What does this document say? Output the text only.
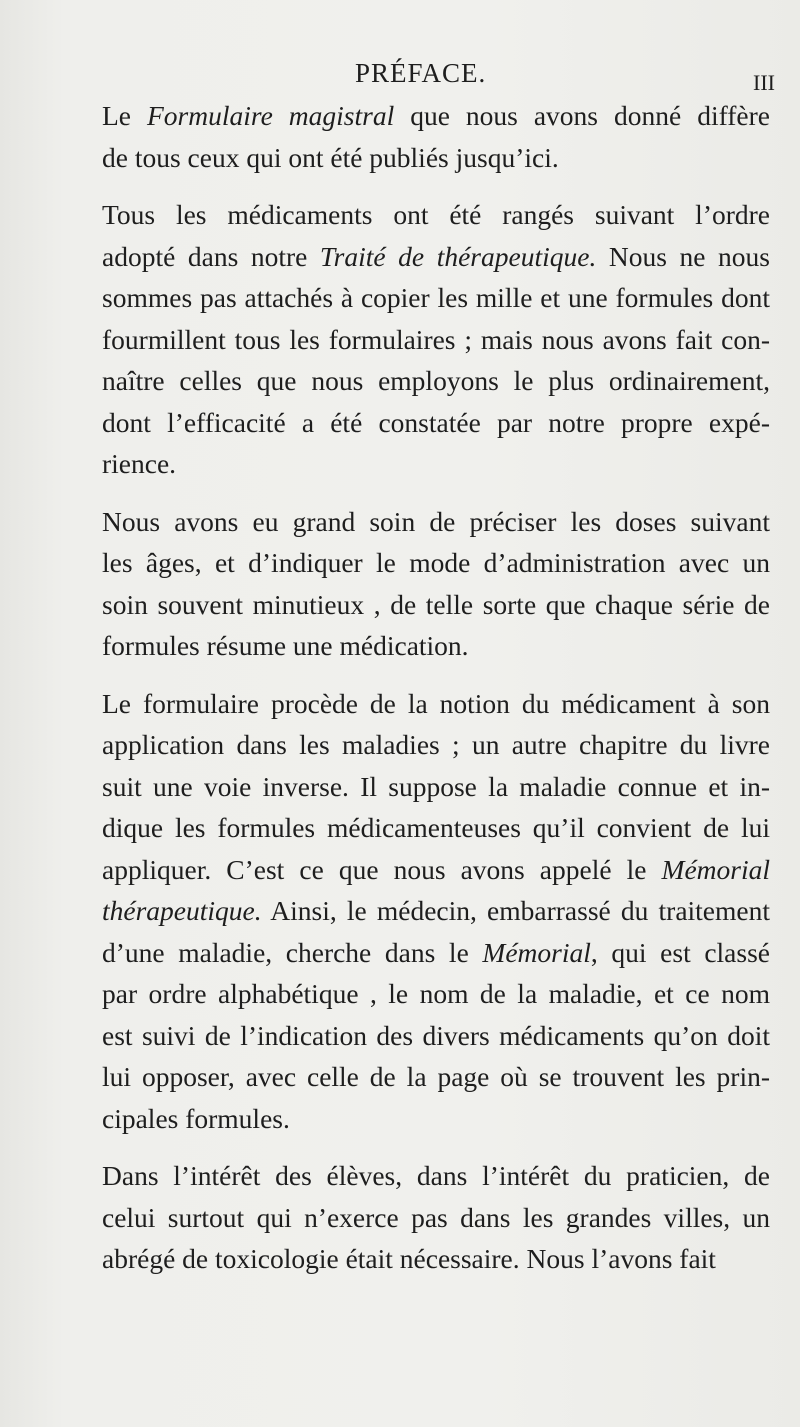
PRÉFACE.	III

Le Formulaire magistral que nous avons donné diffère
de tous ceux qui ont été publiés jusqu’ici.

Tous les médicaments ont été rangés suivant l’ordre
adopté dans notre Traité de thérapeutique. Nous ne nous
sommes pas attachés à copier les mille et une formules dont
fourmillent tous les formulaires ; mais nous avons fait con-
naître celles que nous employons le plus ordinairement,
dont l’efficacité a été constatée par notre propre expé-
rience.

Nous avons eu grand soin de préciser les doses suivant
les âges, et d’indiquer le mode d’administration avec un
soin souvent minutieux , de telle sorte que chaque série de
formules résume une médication.

Le formulaire procède de la notion du médicament à son
application dans les maladies ; un autre chapitre du livre
suit une voie inverse. Il suppose la maladie connue et in-
dique les formules médicamenteuses qu’il convient de lui
appliquer. C’est ce que nous avons appelé le Mémorial
thérapeutique. Ainsi, le médecin, embarrassé du traitement
d’une maladie, cherche dans le Mémorial, qui est classé
par ordre alphabétique , le nom de la maladie, et ce nom
est suivi de l’indication des divers médicaments qu’on doit
lui opposer, avec celle de la page où se trouvent les prin-
cipales formules.

Dans l’intérêt des élèves, dans l’intérêt du praticien, de
celui surtout qui n’exerce pas dans les grandes villes, un
abrégé de toxicologie était nécessaire. Nous l’avons fait
